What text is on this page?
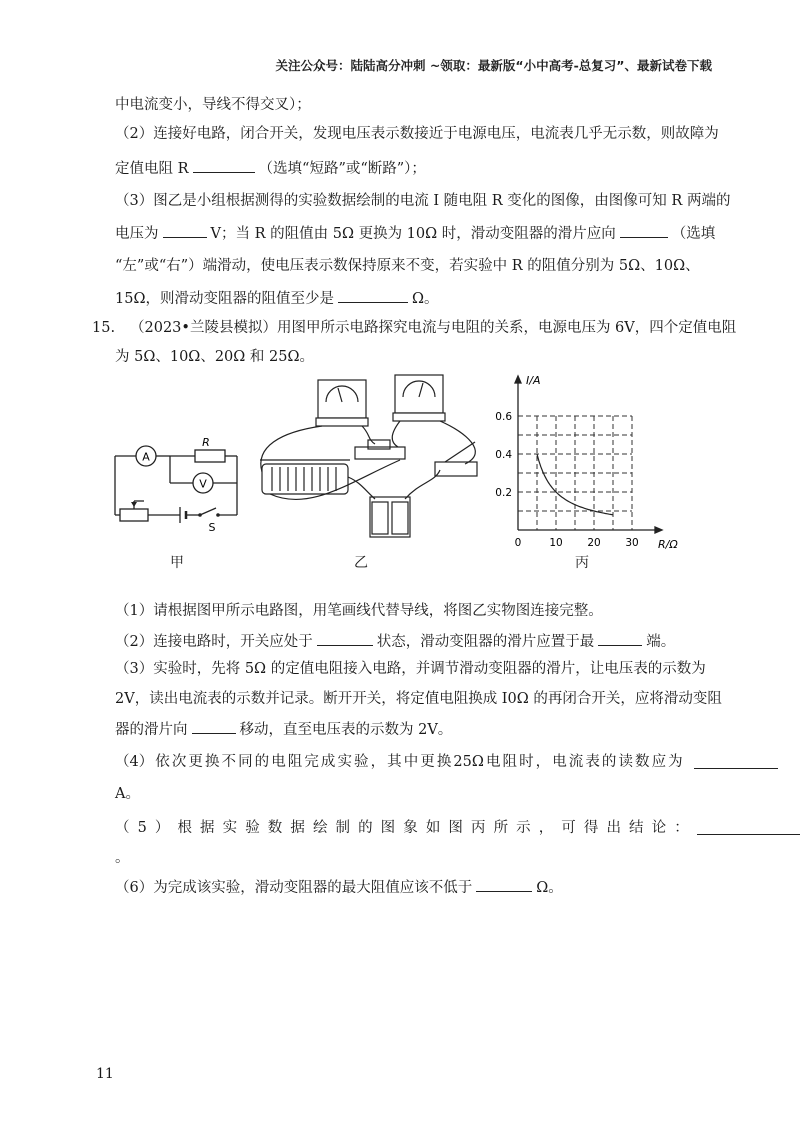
关注公众号：陆陆高分冲刺 ~领取：最新版“小中高考-总复习”、最新试卷下载
中电流变小，导线不得交叉）；
（2）连接好电路，闭合开关，发现电压表示数接近于电源电压，电流表几乎无示数，则故障为
定值电阻 R	（选填“短路”或“断路”）；
（3）图乙是小组根据测得的实验数据绘制的电流 I 随电阻 R 变化的图像，由图像可知 R 两端的
电压为	V；当 R 的阻值由 5Ω 更换为 10Ω 时，滑动变阻器的滑片应向	（选填
“左”或“右”）端滑动，使电压表示数保持原来不变，若实验中 R 的阻值分别为 5Ω、10Ω、
15Ω，则滑动变阻器的阻值至少是	Ω。
15. （2023•兰陵县模拟）用图甲所示电路探究电流与电阻的关系，电源电压为 6V，四个定值电阻
为 5Ω、10Ω、20Ω 和 25Ω。
A
V
R
S
甲	乙
0	10 20 30
0.2
0.4
0.6
I/A
R/Ω
丙
（1）请根据图甲所示电路图，用笔画线代替导线，将图乙实物图连接完整。
（2）连接电路时，开关应处于	状态，滑动变阻器的滑片应置于最	端。
（3）实验时，先将 5Ω 的定值电阻接入电路，并调节滑动变阻器的滑片，让电压表的示数为
2V，读出电流表的示数并记录。断开开关，将定值电阻换成 I0Ω 的再闭合开关，应将滑动变阻
器的滑片向	移动，直至电压表的示数为 2V。
（4） 依 次 更 换 不 同 的 电 阻 完 成 实 验 ， 其 中 更 换 25Ω 电 阻 时 ， 电 流 表 的 读 数 应 为
A。
（ 5 ） 根 据 实 验 数 据 绘 制 的 图 象 如 图 丙 所 示 ， 可 得 出 结 论 ：
。
（6）为完成该实验，滑动变阻器的最大阻值应该不低于	Ω。
11
